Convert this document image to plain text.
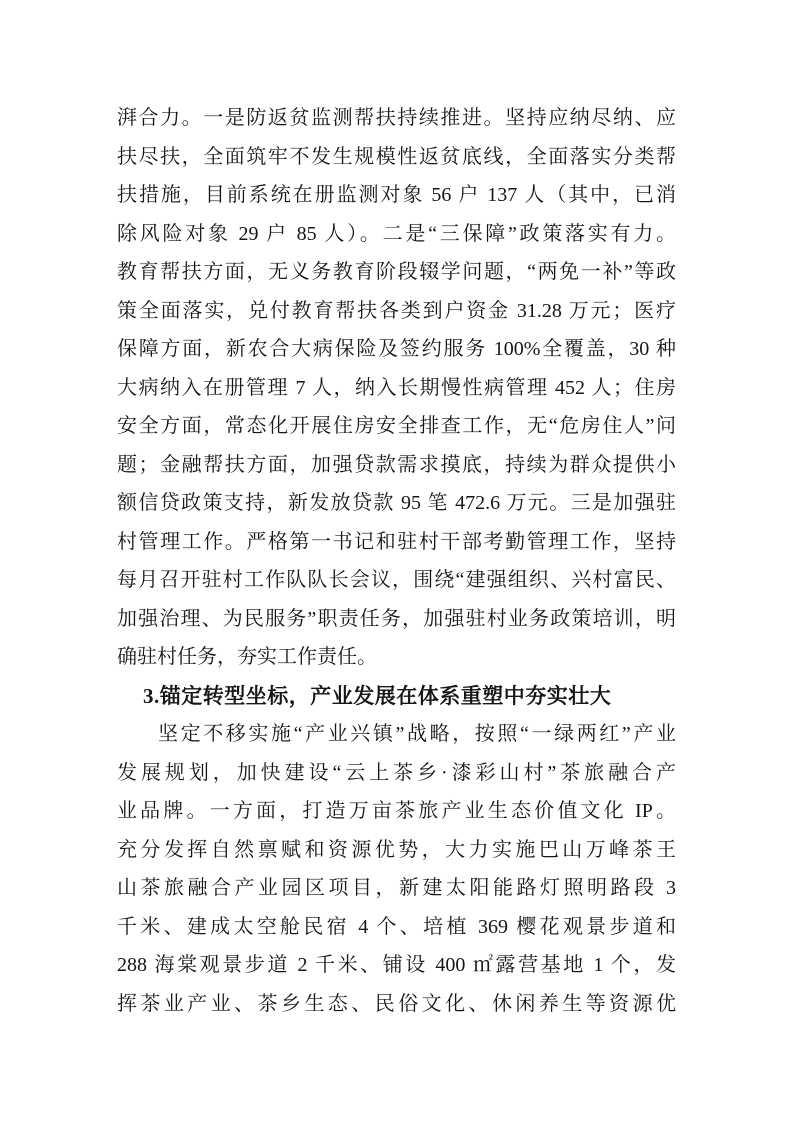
湃合力。一是防返贫监测帮扶持续推进。坚持应纳尽纳、应
扶尽扶，全面筑牢不发生规模性返贫底线，全面落实分类帮
扶措施，目前系统在册监测对象 56 户 137 人（其中，已消
除风险对象 29 户 85 人）。二是“三保障”政策落实有力。
教育帮扶方面，无义务教育阶段辍学问题，“两免一补”等政
策全面落实，兑付教育帮扶各类到户资金 31.28 万元；医疗
保障方面，新农合大病保险及签约服务 100%全覆盖，30 种
大病纳入在册管理 7 人，纳入长期慢性病管理 452 人；住房
安全方面，常态化开展住房安全排查工作，无“危房住人”问
题；金融帮扶方面，加强贷款需求摸底，持续为群众提供小
额信贷政策支持，新发放贷款 95 笔 472.6 万元。三是加强驻
村管理工作。严格第一书记和驻村干部考勤管理工作，坚持
每月召开驻村工作队队长会议，围绕“建强组织、兴村富民、
加强治理、为民服务”职责任务，加强驻村业务政策培训，明
确驻村任务，夯实工作责任。
3.锚定转型坐标，产业发展在体系重塑中夯实壮大
坚定不移实施“产业兴镇”战略，按照“一绿两红”产业
发展规划，加快建设“云上茶乡·漆彩山村”茶旅融合产
业品牌。一方面，打造万亩茶旅产业生态价值文化 IP。
充分发挥自然禀赋和资源优势，大力实施巴山万峰茶王
山茶旅融合产业园区项目，新建太阳能路灯照明路段 3
千米、建成太空舱民宿 4 个、培植 369 樱花观景步道和
288 海棠观景步道 2 千米、铺设 400 ㎡露营基地 1 个，发
挥茶业产业、茶乡生态、民俗文化、休闲养生等资源优
